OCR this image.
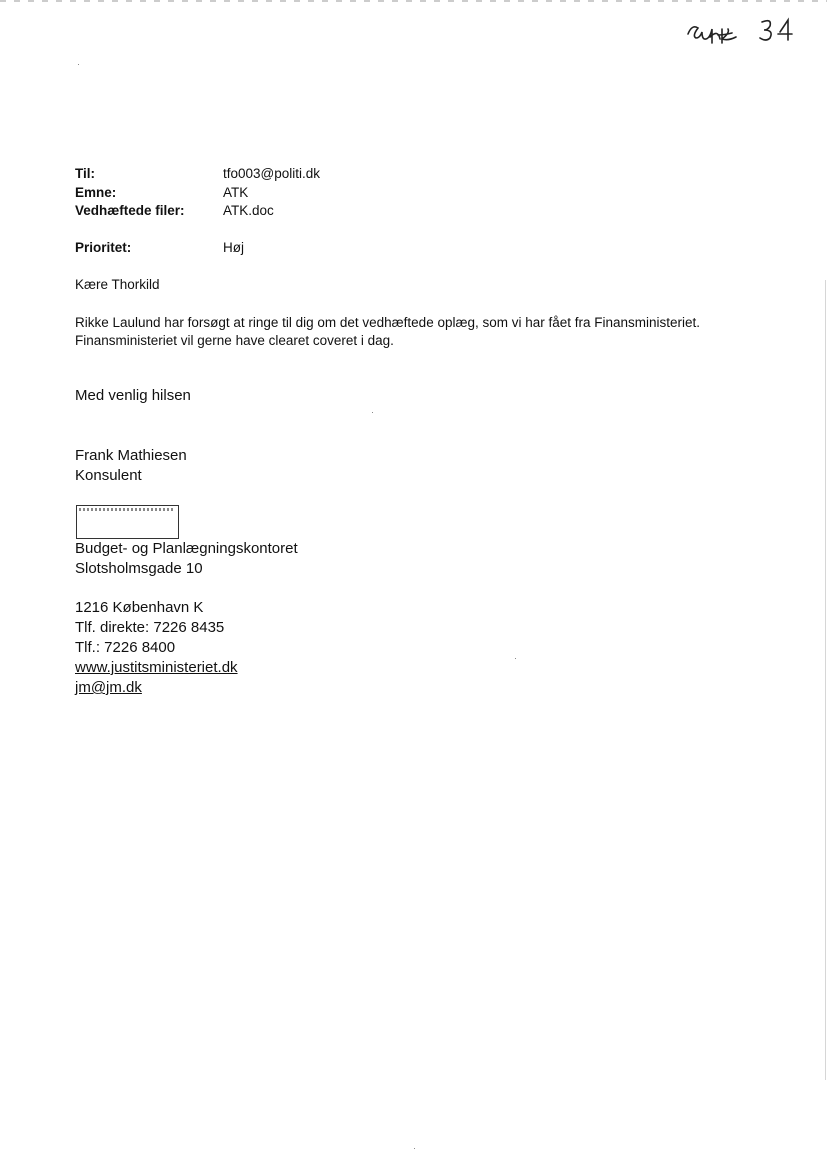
Til:	tfo003@politi.dk
Emne:	ATK
Vedhæftede filer:	ATK.doc
Prioritet:	Høj
Kære Thorkild
Rikke Laulund har forsøgt at ringe til dig om det vedhæftede oplæg, som vi har fået fra Finansministeriet.
Finansministeriet vil gerne have clearet coveret i dag.
Med venlig hilsen
Frank Mathiesen
Konsulent
Budget- og Planlægningskontoret
Slotsholmsgade 10
1216 København K
Tlf. direkte: 7226 8435
Tlf.: 7226 8400
www.justitsministeriet.dk
jm@jm.dk
